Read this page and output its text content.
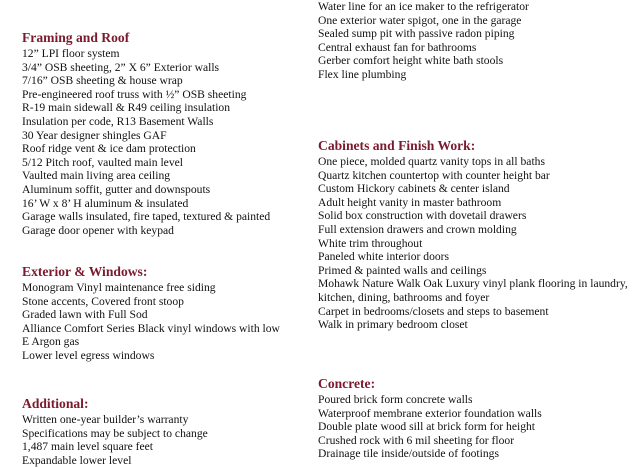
Framing and Roof
12” LPI floor system
3/4” OSB sheeting, 2” X 6” Exterior walls
7/16” OSB sheeting & house wrap
Pre-engineered roof truss with ½” OSB sheeting
R-19 main sidewall & R49 ceiling insulation
Insulation per code, R13 Basement Walls
30 Year designer shingles GAF
Roof ridge vent & ice dam protection
5/12 Pitch roof, vaulted main level
Vaulted main living area ceiling
Aluminum soffit, gutter and downspouts
16’ W x 8’ H aluminum & insulated
Garage walls insulated, fire taped, textured & painted
Garage door opener with keypad
Exterior & Windows:
Monogram Vinyl maintenance free siding
Stone accents, Covered front stoop
Graded lawn with Full Sod
Alliance Comfort Series Black vinyl windows with low E Argon gas
Lower level egress windows
Additional:
Written one-year builder’s warranty
Specifications may be subject to change
1,487 main level square feet
Expandable lower level
Water line for an ice maker to the refrigerator
One exterior water spigot, one in the garage
Sealed sump pit with passive radon piping
Central exhaust fan for bathrooms
Gerber comfort height white bath stools
Flex line plumbing
Cabinets and Finish Work:
One piece, molded quartz vanity tops in all baths
Quartz kitchen countertop with counter height bar
Custom Hickory cabinets & center island
Adult height vanity in master bathroom
Solid box construction with dovetail drawers
Full extension drawers and crown molding
White trim throughout
Paneled white interior doors
Primed & painted walls and ceilings
Mohawk Nature Walk Oak Luxury vinyl plank flooring in laundry, kitchen, dining, bathrooms and foyer
Carpet in bedrooms/closets and steps to basement
Walk in primary bedroom closet
Concrete:
Poured brick form concrete walls
Waterproof membrane exterior foundation walls
Double plate wood sill at brick form for height
Crushed rock with 6 mil sheeting for floor
Drainage tile inside/outside of footings
